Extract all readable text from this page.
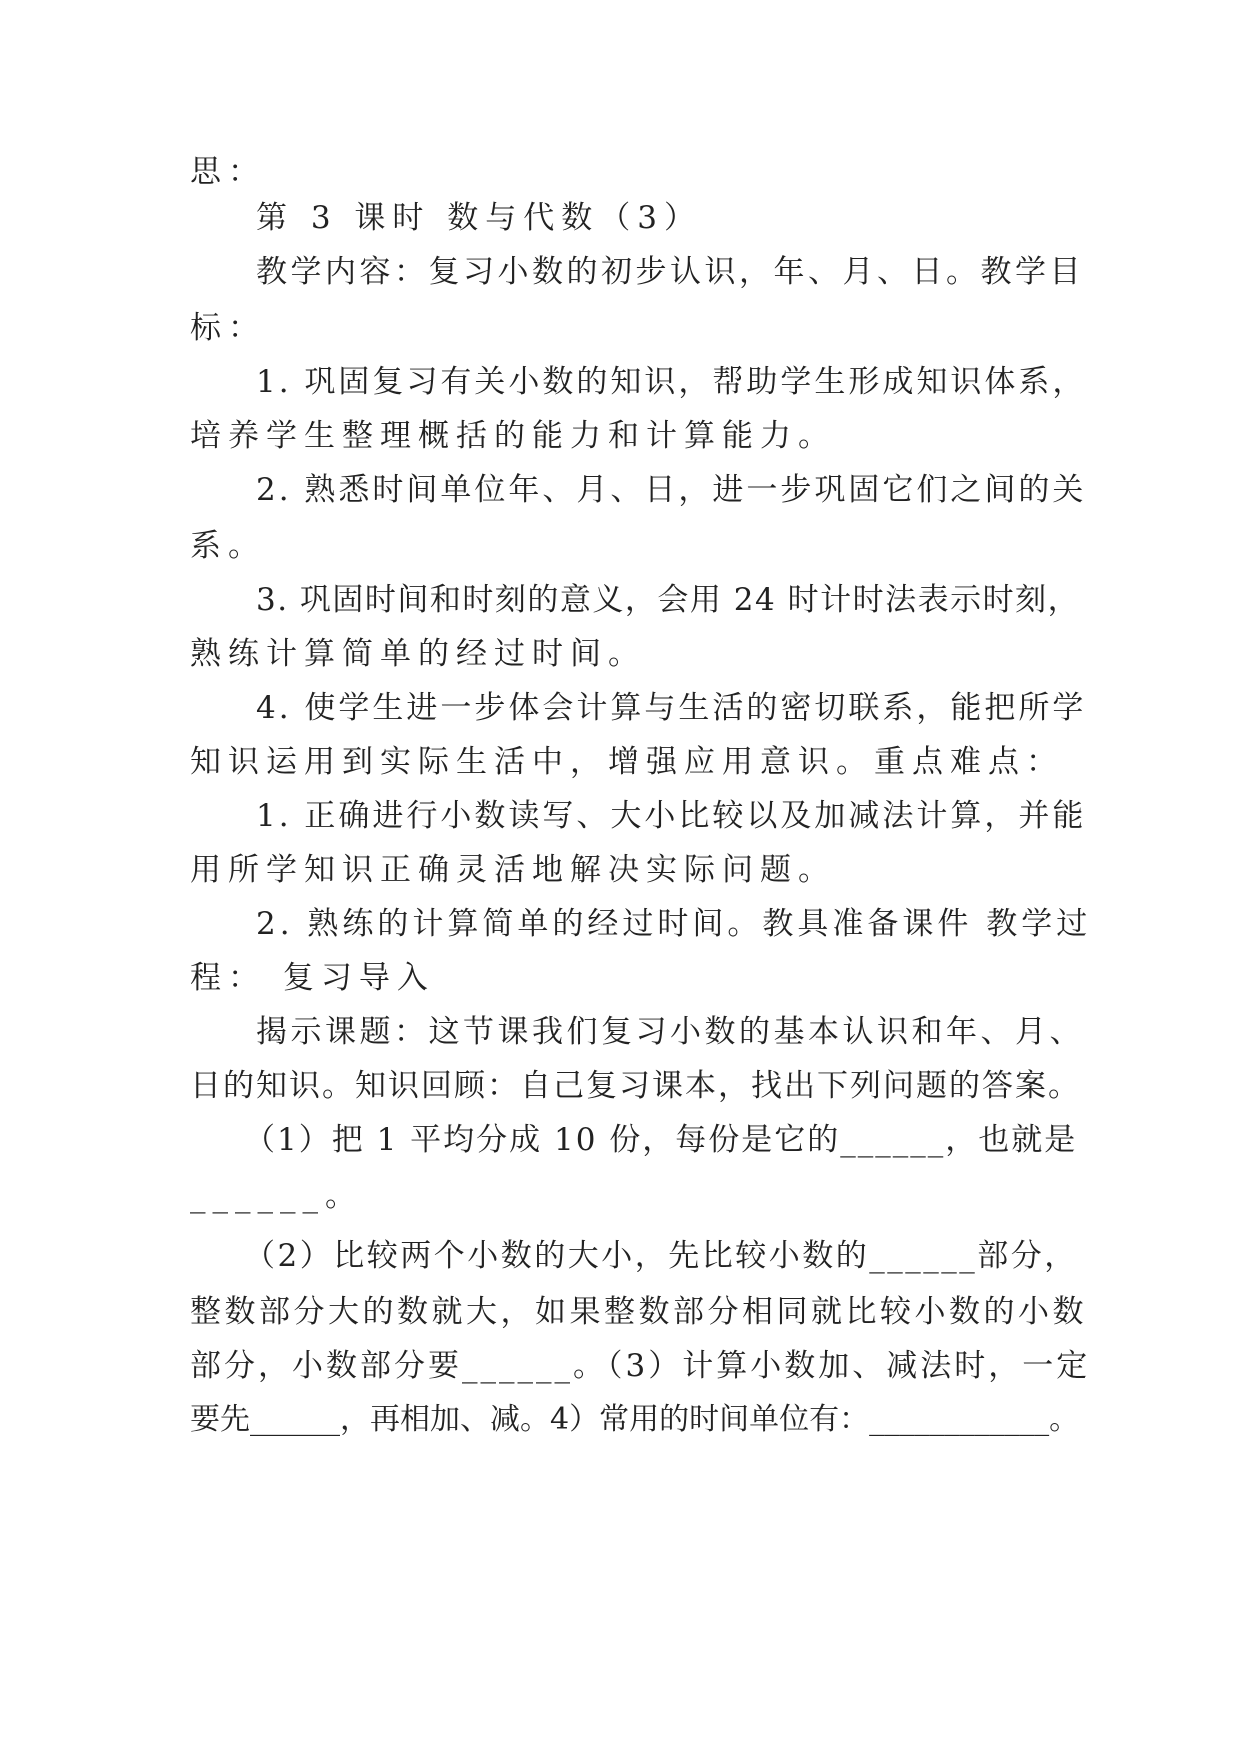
思：
第 3 课时 数与代数（3）
教学内容：复习小数的初步认识，年、月、日。教学目
标：
1. 巩固复习有关小数的知识，帮助学生形成知识体系，
培养学生整理概括的能力和计算能力。
2. 熟悉时间单位年、月、日，进一步巩固它们之间的关
系。
3. 巩固时间和时刻的意义，会用 24 时计时法表示时刻，
熟练计算简单的经过时间。
4. 使学生进一步体会计算与生活的密切联系，能把所学
知识运用到实际生活中，增强应用意识。重点难点：
1. 正确进行小数读写、大小比较以及加减法计算，并能
用所学知识正确灵活地解决实际问题。
2. 熟练的计算简单的经过时间。教具准备课件 教学过
程： 复习导入
揭示课题：这节课我们复习小数的基本认识和年、月、
日的知识。知识回顾：自己复习课本，找出下列问题的答案。
（1）把 1 平均分成 10 份，每份是它的______，也就是
______。
（2）比较两个小数的大小，先比较小数的______部分，
整数部分大的数就大，如果整数部分相同就比较小数的小数
部分，小数部分要______。（3）计算小数加、减法时，一定
要先______，再相加、减。4）常用的时间单位有：____________。
